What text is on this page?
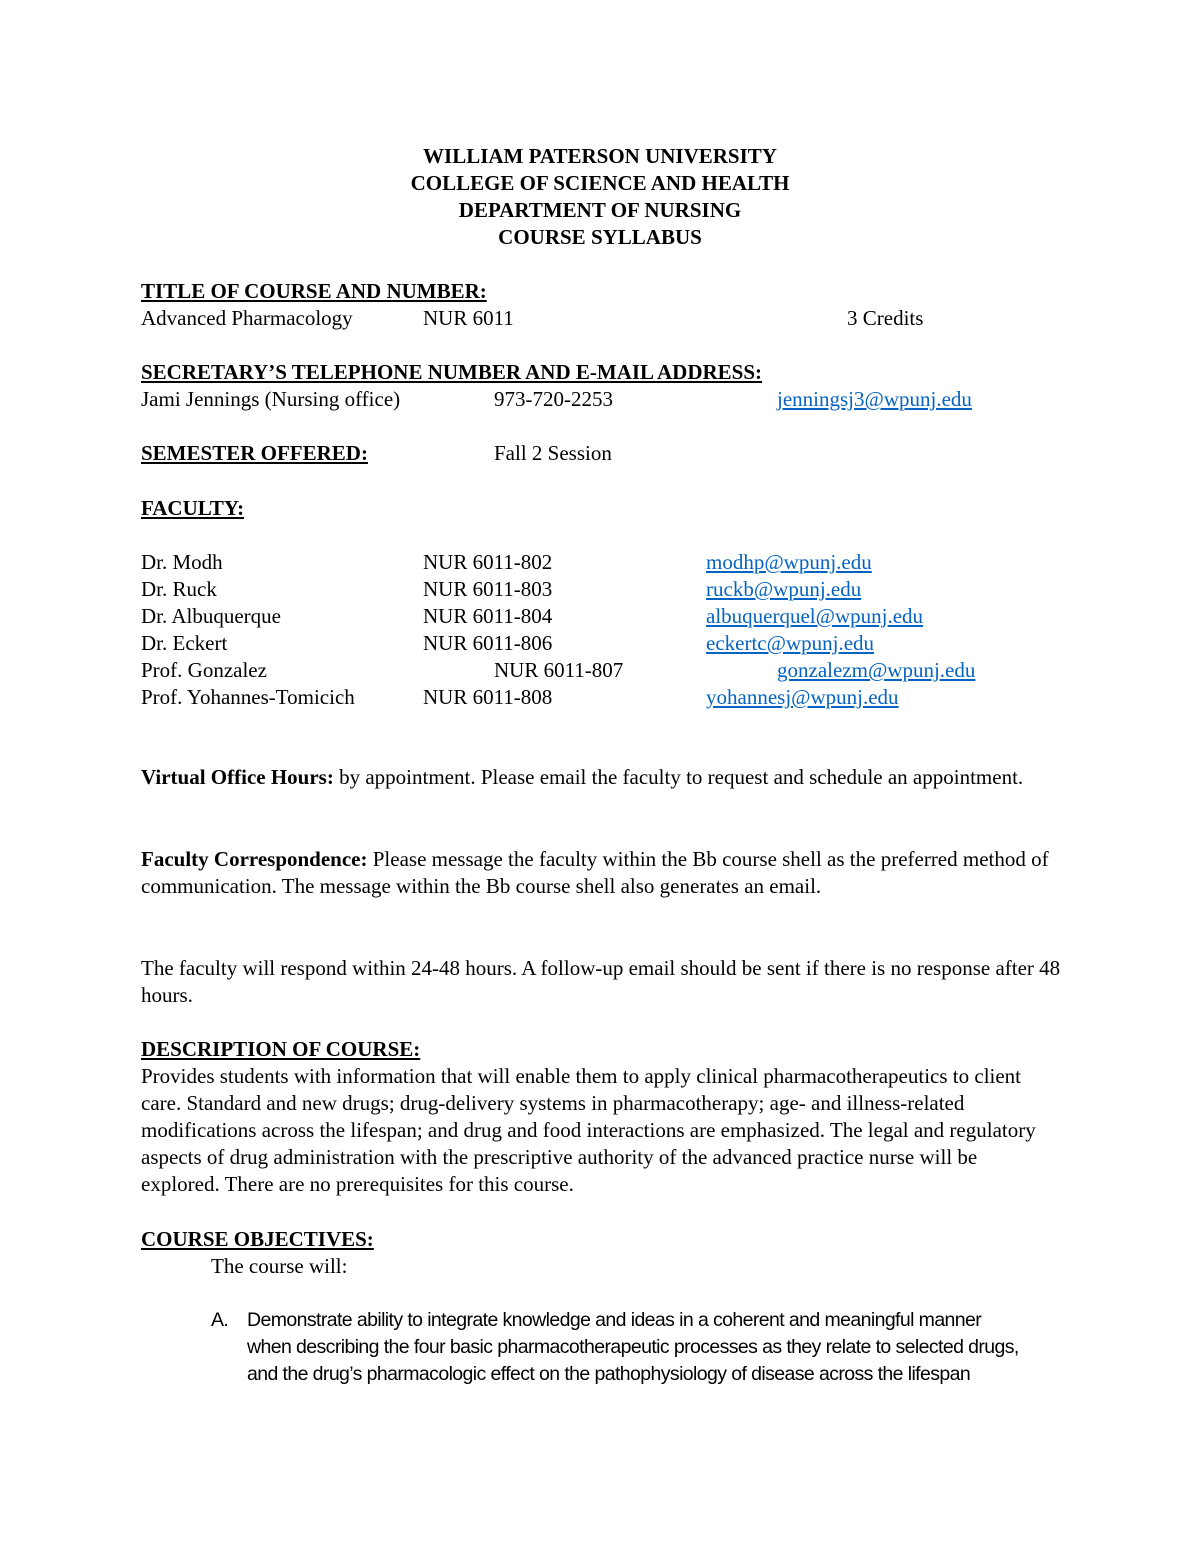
WILLIAM PATERSON UNIVERSITY
COLLEGE OF SCIENCE AND HEALTH
DEPARTMENT OF NURSING
COURSE SYLLABUS
TITLE OF COURSE AND NUMBER:
Advanced Pharmacology	NUR 6011	3 Credits
SECRETARY’S TELEPHONE NUMBER AND E-MAIL ADDRESS:
Jami Jennings (Nursing office)	973-720-2253	jenningsj3@wpunj.edu
SEMESTER OFFERED:	Fall 2 Session
FACULTY:
Dr. Modh	NUR 6011-802	modhp@wpunj.edu
Dr. Ruck	NUR 6011-803	ruckb@wpunj.edu
Dr. Albuquerque	NUR 6011-804	albuquerquel@wpunj.edu
Dr. Eckert	NUR 6011-806	eckertc@wpunj.edu
Prof. Gonzalez	NUR 6011-807	gonzalezm@wpunj.edu
Prof. Yohannes-Tomicich	NUR 6011-808	yohannesj@wpunj.edu

Virtual Office Hours: by appointment. Please email the faculty to request and schedule an appointment.

Faculty Correspondence: Please message the faculty within the Bb course shell as the preferred method of communication. The message within the Bb course shell also generates an email.

The faculty will respond within 24-48 hours. A follow-up email should be sent if there is no response after 48 hours.

DESCRIPTION OF COURSE:

Provides students with information that will enable them to apply clinical pharmacotherapeutics to client care. Standard and new drugs; drug-delivery systems in pharmacotherapy; age- and illness-related modifications across the lifespan; and drug and food interactions are emphasized. The legal and regulatory aspects of drug administration with the prescriptive authority of the advanced practice nurse will be explored. There are no prerequisites for this course.

COURSE OBJECTIVES:
The course will:
A. Demonstrate ability to integrate knowledge and ideas in a coherent and meaningful manner
when describing the four basic pharmacotherapeutic processes as they relate to selected drugs,
and the drug’s pharmacologic effect on the pathophysiology of disease across the lifespan
